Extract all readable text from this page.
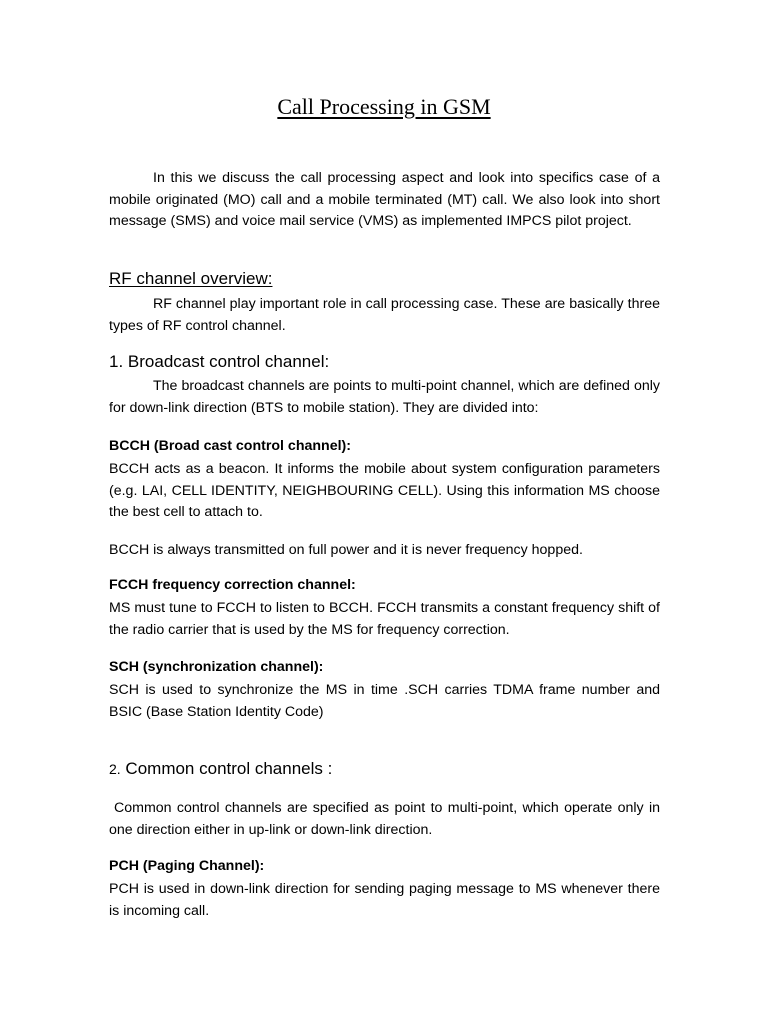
Call Processing in GSM

In this we discuss the call processing aspect and look into specifics case of a mobile originated (MO) call and a mobile terminated (MT) call. We also look into short message (SMS) and voice mail service (VMS) as implemented IMPCS pilot project.

RF channel overview:

RF channel play important role in call processing case. These are basically three types of RF control channel.

1. Broadcast control channel:

The broadcast channels are points to multi-point channel, which are defined only for down-link direction (BTS to mobile station). They are divided into:

BCCH (Broad cast control channel):

BCCH acts as a beacon. It informs the mobile about system configuration parameters (e.g. LAI, CELL IDENTITY, NEIGHBOURING CELL). Using this information MS choose the best cell to attach to.

BCCH is always transmitted on full power and it is never frequency hopped.

FCCH frequency correction channel:

MS must tune to FCCH to listen to BCCH. FCCH transmits a constant frequency shift of the radio carrier that is used by the MS for frequency correction.

SCH (synchronization channel):

SCH is used to synchronize the MS in time .SCH carries TDMA frame number and BSIC (Base Station Identity Code)

2. Common control channels :

Common control channels are specified as point to multi-point, which operate only in one direction either in up-link or down-link direction.

PCH (Paging Channel):

PCH is used in down-link direction for sending paging message to MS whenever there is incoming call.
